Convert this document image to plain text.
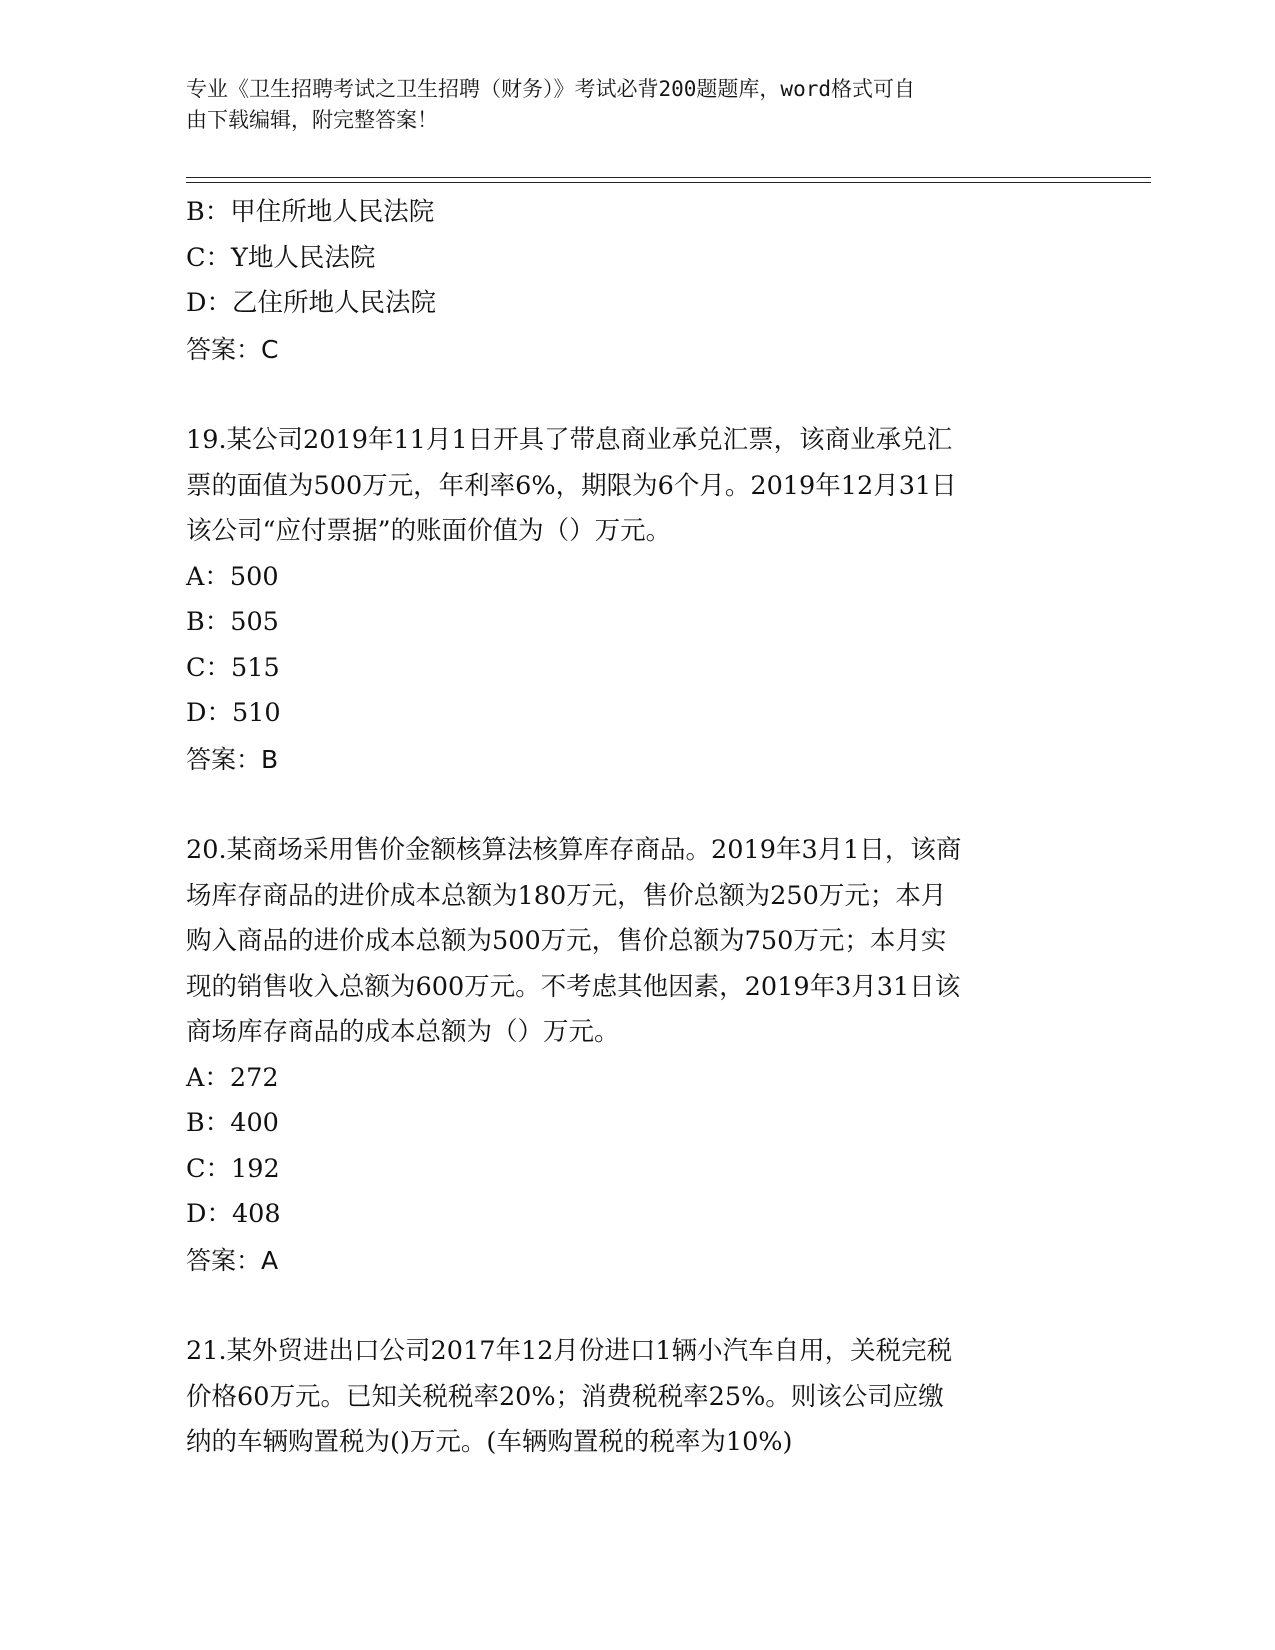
专业《卫生招聘考试之卫生招聘（财务）》考试必背200题题库，word格式可自
由下载编辑，附完整答案！
B：甲住所地人民法院
C：Y地人民法院
D：乙住所地人民法院
答案：C
19.某公司2019年11月1日开具了带息商业承兑汇票，该商业承兑汇
票的面值为500万元，年利率6%，期限为6个月。2019年12月31日
该公司“应付票据”的账面价值为（）万元。
A：500
B：505
C：515
D：510
答案：B
20.某商场采用售价金额核算法核算库存商品。2019年3月1日，该商
场库存商品的进价成本总额为180万元，售价总额为250万元；本月
购入商品的进价成本总额为500万元，售价总额为750万元；本月实
现的销售收入总额为600万元。不考虑其他因素，2019年3月31日该
商场库存商品的成本总额为（）万元。
A：272
B：400
C：192
D：408
答案：A
21.某外贸进出口公司2017年12月份进口1辆小汽车自用，关税完税
价格60万元。已知关税税率20%；消费税税率25%。则该公司应缴
纳的车辆购置税为()万元。(车辆购置税的税率为10%)
